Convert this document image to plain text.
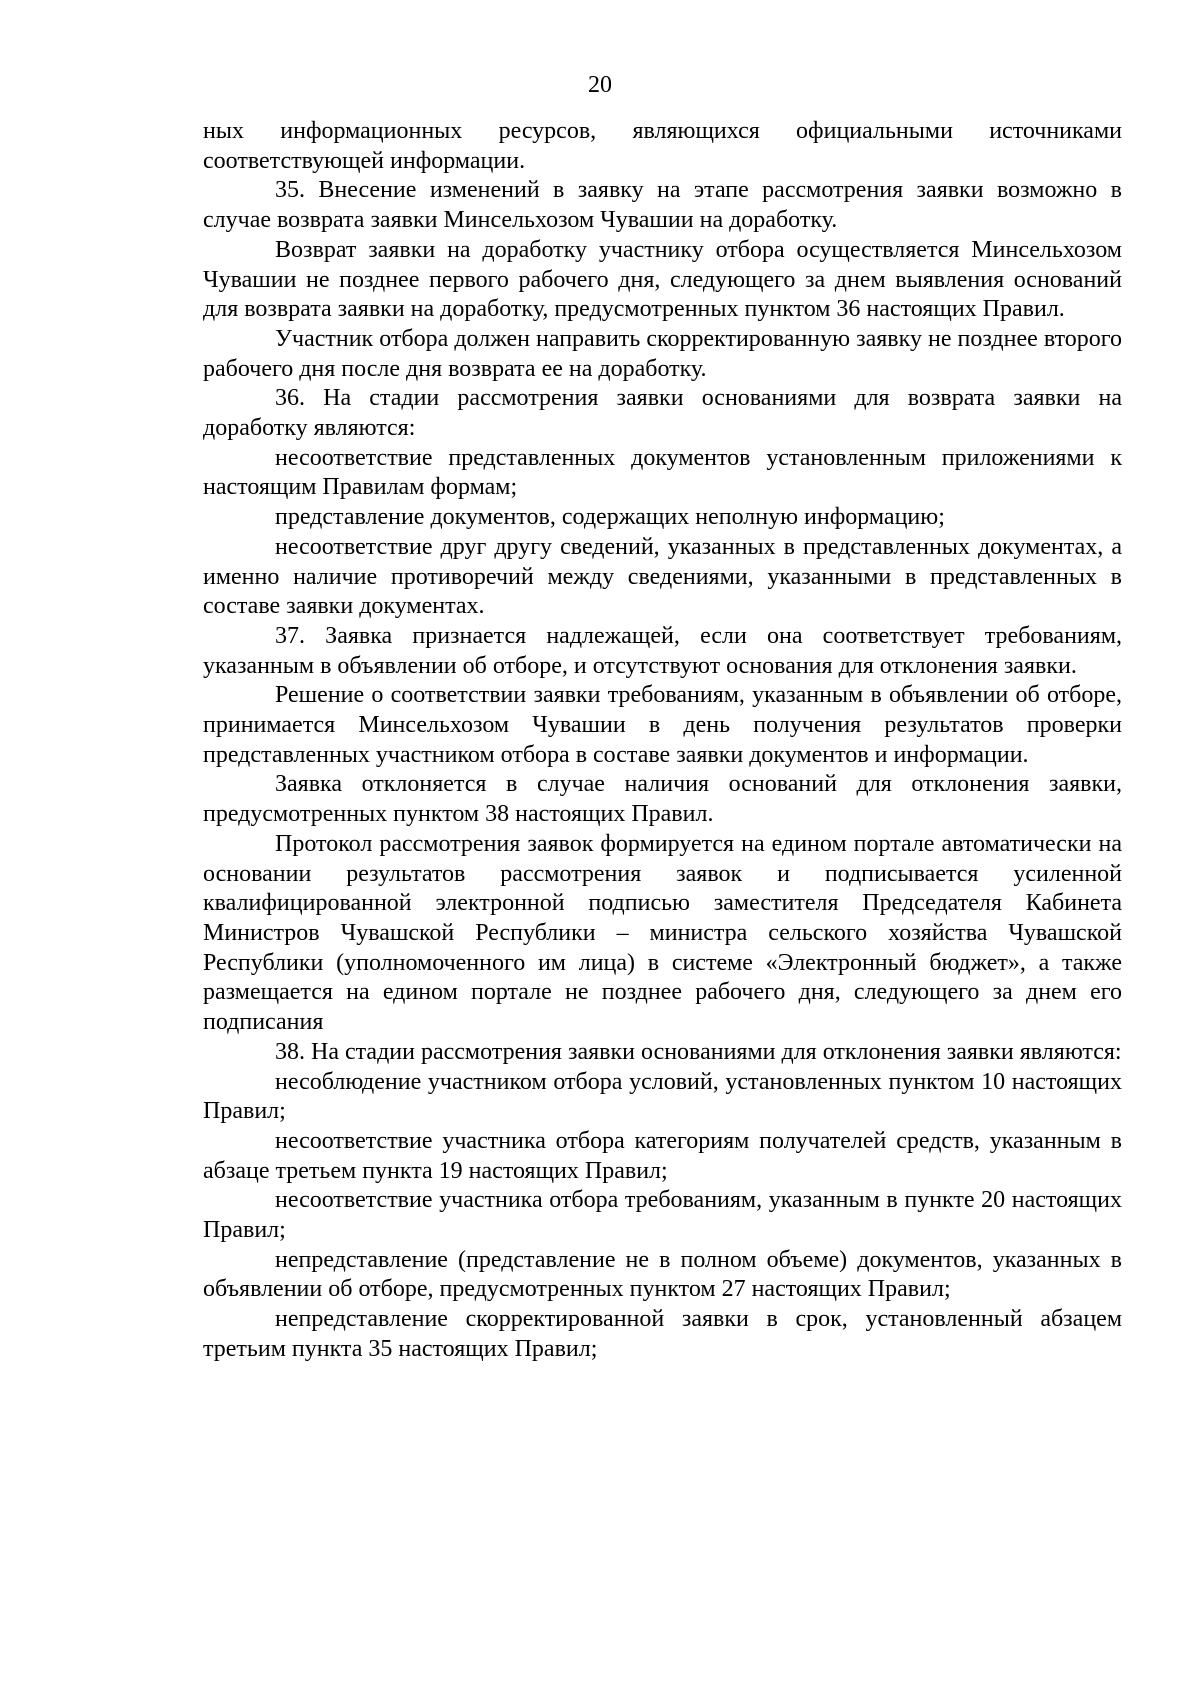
20

ных информационных ресурсов, являющихся официальными источниками соответствующей информации.

35. Внесение изменений в заявку на этапе рассмотрения заявки возможно в случае возврата заявки Минсельхозом Чувашии на доработку.

Возврат заявки на доработку участнику отбора осуществляется Минсельхозом Чувашии не позднее первого рабочего дня, следующего за днем выявления оснований для возврата заявки на доработку, предусмотренных пунктом 36 настоящих Правил.

Участник отбора должен направить скорректированную заявку не позднее второго рабочего дня после дня возврата ее на доработку.

36. На стадии рассмотрения заявки основаниями для возврата заявки на доработку являются:

несоответствие представленных документов установленным приложениями к настоящим Правилам формам;

представление документов, содержащих неполную информацию;

несоответствие друг другу сведений, указанных в представленных документах, а именно наличие противоречий между сведениями, указанными в представленных в составе заявки документах.

37. Заявка признается надлежащей, если она соответствует требованиям, указанным в объявлении об отборе, и отсутствуют основания для отклонения заявки.

Решение о соответствии заявки требованиям, указанным в объявлении об отборе, принимается Минсельхозом Чувашии в день получения результатов проверки представленных участником отбора в составе заявки документов и информации.

Заявка отклоняется в случае наличия оснований для отклонения заявки, предусмотренных пунктом 38 настоящих Правил.

Протокол рассмотрения заявок формируется на едином портале автоматически на основании результатов рассмотрения заявок и подписывается усиленной квалифицированной электронной подписью заместителя Председателя Кабинета Министров Чувашской Республики – министра сельского хозяйства Чувашской Республики (уполномоченного им лица) в системе «Электронный бюджет», а также размещается на едином портале не позднее рабочего дня, следующего за днем его подписания

38. На стадии рассмотрения заявки основаниями для отклонения заявки являются:

несоблюдение участником отбора условий, установленных пунктом 10 настоящих Правил;

несоответствие участника отбора категориям получателей средств, указанным в абзаце третьем пункта 19 настоящих Правил;

несоответствие участника отбора требованиям, указанным в пункте 20 настоящих Правил;

непредставление (представление не в полном объеме) документов, указанных в объявлении об отборе, предусмотренных пунктом 27 настоящих Правил;

непредставление скорректированной заявки в срок, установленный абзацем третьим пункта 35 настоящих Правил;
